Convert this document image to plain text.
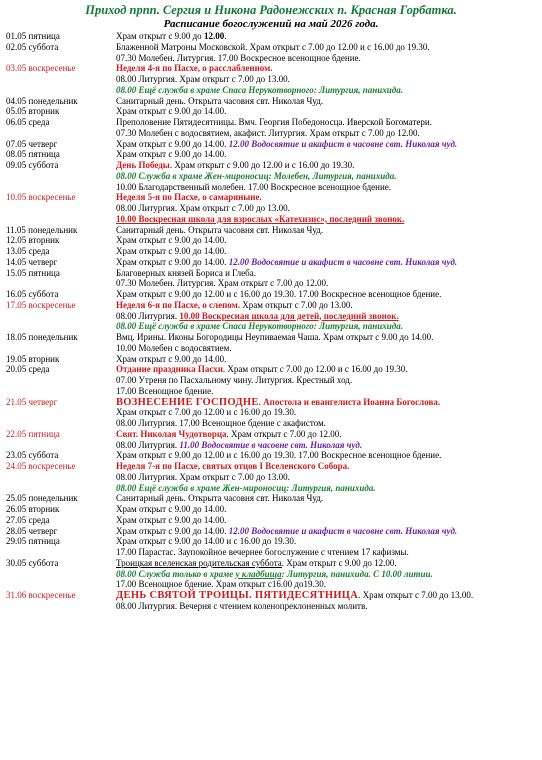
Приход прпп. Сергия и Никона Радонежских п. Красная Горбатка.
Расписание богослужений на май 2026 года.
01.05 пятница	Храм открыт с 9.00 до 12.00.
02.05 суббота	Блаженной Матроны Московской. Храм открыт с 7.00 до 12.00 и с 16.00 до 19.30.
07.30 Молебен. Литургия. 17.00 Воскресное всенощное бдение.
03.05 воскресенье	Неделя 4-я по Пасхе, о расслабленном.
08.00 Литургия. Храм открыт с 7.00 до 13.00.
08.00 Ещё служба в храме Спаса Нерукотворного: Литургия, панихида.
04.05 понедельник	Санитарный день. Открыта часовня свт. Николая Чуд.
05.05 вторник	Храм открыт с 9.00 до 14.00.
06.05 среда	Преполовение Пятидесятницы. Вмч. Георгия Победоносца. Иверской Богоматери.
07.30 Молебен с водосвятием, акафист. Литургия. Храм открыт с 7.00 до 12.00.
07.05 четверг	Храм открыт с 9.00 до 14.00. 12.00 Водосвятие и акафист в часовне свт. Николая чуд.
08.05 пятница	Храм открыт с 9.00 до 14.00.
09.05 суббота	День Победы. Храм открыт с 9.00 до 12.00 и с 16.00 до 19.30.
08.00 Служба в храме Жен-мироносиц: Молебен, Литургия, панихида.
10.00 Благодарственный молебен. 17.00 Воскресное всенощное бдение.
10.05 воскресенье	Неделя 5-я по Пасхе, о самаряныне.
08.00 Литургия. Храм открыт с 7.00 до 13.00.
10.00 Воскресная школа для взрослых «Катехизис», последний звонок.
11.05 понедельник	Санитарный день. Открыта часовня свт. Николая Чуд.
12.05 вторник	Храм открыт с 9.00 до 14.00.
13.05 среда	Храм открыт с 9.00 до 14.00.
14.05 четверг	Храм открыт с 9.00 до 14.00. 12.00 Водосвятие и акафист в часовне свт. Николая чуд.
15.05 пятница	Благоверных князей Бориса и Глеба.
07.30 Молебен. Литургия. Храм открыт с 7.00 до 12.00.
16.05 суббота	Храм открыт с 9.00 до 12.00 и с 16.00 до 19.30. 17.00 Воскресное всенощное бдение.
17.05 воскресенье	Неделя 6-я по Пасхе, о слепом. Храм открыт с 7.00 до 13.00.
08.00 Литургия. 10.00 Воскресная школа для детей, последний звонок.
08.00 Ещё служба в храме Спаса Нерукотворного: Литургия, панихида.
18.05 понедельник	Вмц. Ирины. Иконы Богородицы Неупиваемая Чаша. Храм открыт с 9.00 до 14.00.
10.00 Молебен с водосвятием.
19.05 вторник	Храм открыт с 9.00 до 14.00.
20.05 среда	Отдание праздника Пасхи. Храм открыт с 7.00 до 12.00 и с 16.00 до 19.30.
07.00 Утреня по Пасхальному чину. Литургия. Крестный ход.
17.00 Всенощное бдение.
21.05 четверг	ВОЗНЕСЕНИЕ ГОСПОДНЕ. Апостола и евангелиста Иоанна Богослова.
Храм открыт с 7.00 до 12.00 и с 16.00 до 19.30.
08.00 Литургия. 17.00 Всенощное бдение с акафистом.
22.05 пятница	Свят. Николая Чудотворца. Храм открыт с 7.00 до 12.00.
08.00 Литургия. 11.00 Водосвятие в часовне свт. Николая чуд.
23.05 суббота	Храм открыт с 9.00 до 12.00 и с 16.00 до 19.30. 17.00 Воскресное всенощное бдение.
24.05 воскресенье	Неделя 7-я по Пасхе, святых отцов I Вселенского Собора.
08.00 Литургия. Храм открыт с 7.00 до 13.00.
08.00 Ещё служба в храме Жен-мироносиц: Литургия, панихида.
25.05 понедельник	Санитарный день. Открыта часовня свт. Николая Чуд.
26.05 вторник	Храм открыт с 9.00 до 14.00.
27.05 среда	Храм открыт с 9.00 до 14.00.
28.05 четверг	Храм открыт с 9.00 до 14.00. 12.00 Водосвятие и акафист в часовне свт. Николая чуд.
29.05 пятница	Храм открыт с 9.00 до 14.00 и с 16.00 до 19.30.
17.00 Парастас. Заупокойное вечернее богослужение с чтением 17 кафизмы.
30.05 суббота	Троицкая вселенская родительская суббота. Храм открыт с 9.00 до 12.00.
08.00 Служба только в храме у кладбища: Литургия, панихида. С 10.00 литии.
17.00 Всенощное бдение. Храм открыт с16.00 до19.30.
31.06 воскресенье	ДЕНЬ СВЯТОЙ ТРОИЦЫ. ПЯТИДЕСЯТНИЦА. Храм открыт с 7.00 до 13.00.
08.00 Литургия. Вечерня с чтением коленопреклоненных молитв.
